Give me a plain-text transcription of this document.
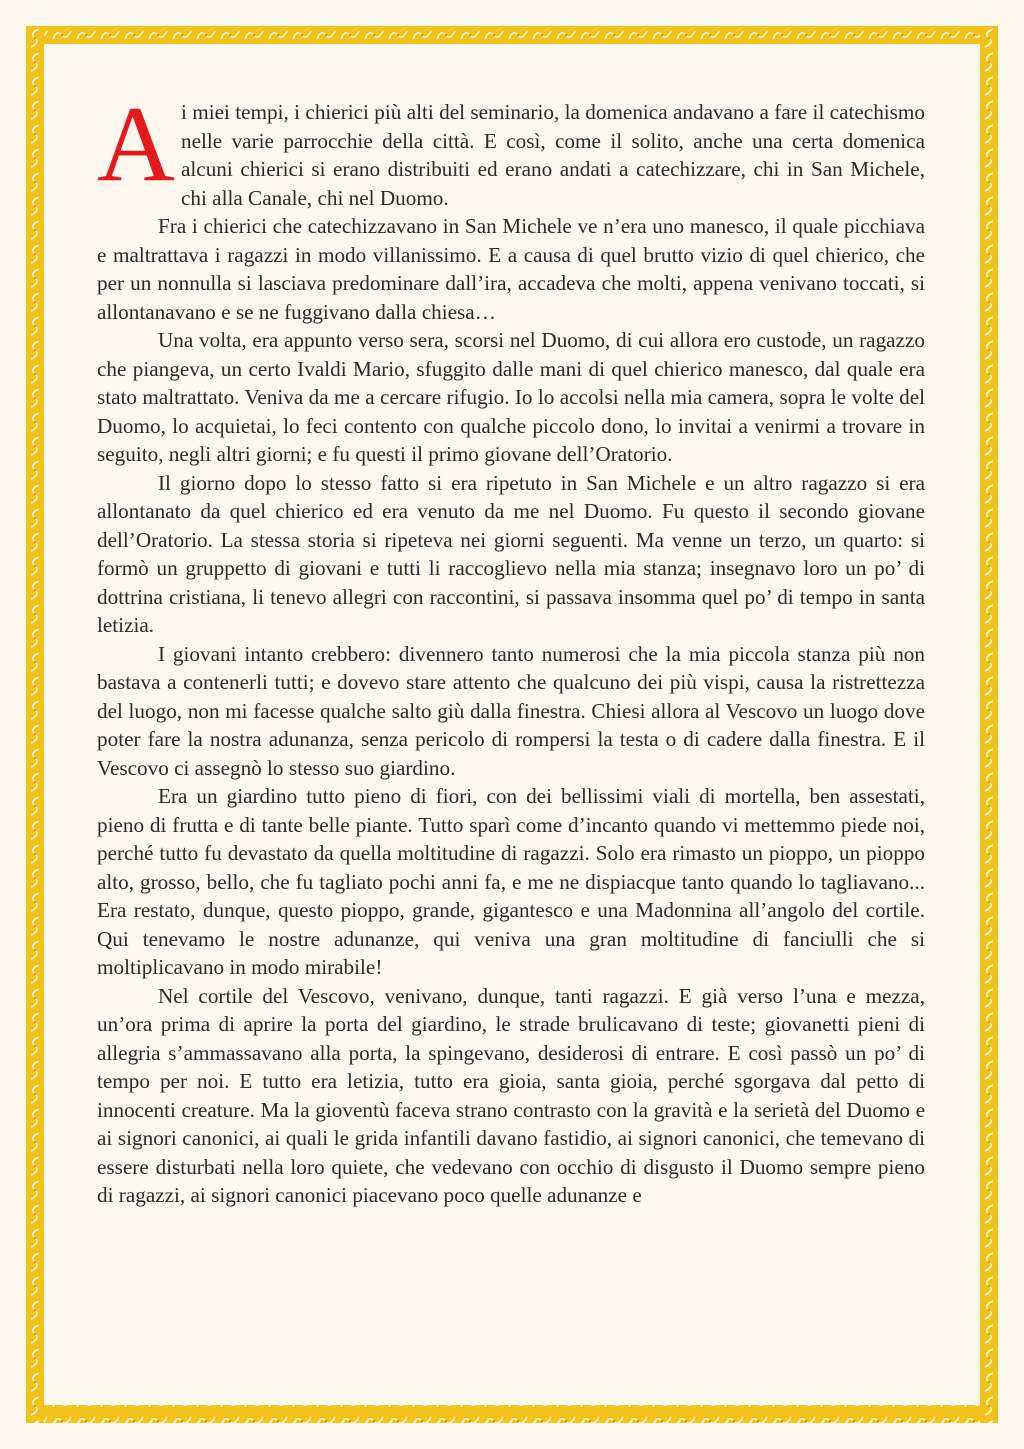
Ai miei tempi, i chierici più alti del seminario, la domenica andavano a fare il catechismo nelle varie parrocchie della città. E così, come il solito, anche una certa domenica alcuni chierici si erano distribuiti ed erano andati a catechizzare, chi in San Michele, chi alla Canale, chi nel Duomo.

Fra i chierici che catechizzavano in San Michele ve n’era uno manesco, il quale picchiava e maltrattava i ragazzi in modo villanissimo. E a causa di quel brutto vizio di quel chierico, che per un nonnulla si lasciava predominare dall’ira, accadeva che molti, appena venivano toccati, si allontanavano e se ne fuggivano dalla chiesa…

Una volta, era appunto verso sera, scorsi nel Duomo, di cui allora ero custode, un ragazzo che piangeva, un certo Ivaldi Mario, sfuggito dalle mani di quel chierico manesco, dal quale era stato maltrattato. Veniva da me a cercare rifugio. Io lo accolsi nella mia camera, sopra le volte del Duomo, lo acquietai, lo feci contento con qualche piccolo dono, lo invitai a venirmi a trovare in seguito, negli altri giorni; e fu questi il primo giovane dell’Oratorio.

Il giorno dopo lo stesso fatto si era ripetuto in San Michele e un altro ragazzo si era allontanato da quel chierico ed era venuto da me nel Duomo. Fu questo il secondo giovane dell’Oratorio. La stessa storia si ripeteva nei giorni seguenti. Ma venne un terzo, un quarto: si formò un gruppetto di giovani e tutti li raccoglievo nella mia stanza; insegnavo loro un po’ di dottrina cristiana, li tenevo allegri con raccontini, si passava insomma quel po’ di tempo in santa letizia.

I giovani intanto crebbero: divennero tanto numerosi che la mia piccola stanza più non bastava a contenerli tutti; e dovevo stare attento che qualcuno dei più vispi, causa la ristrettezza del luogo, non mi facesse qualche salto giù dalla finestra. Chiesi allora al Vescovo un luogo dove poter fare la nostra adunanza, senza pericolo di rompersi la testa o di cadere dalla finestra. E il Vescovo ci assegnò lo stesso suo giardino.

Era un giardino tutto pieno di fiori, con dei bellissimi viali di mortella, ben assestati, pieno di frutta e di tante belle piante. Tutto sparì come d’incanto quando vi mettemmo piede noi, perché tutto fu devastato da quella moltitudine di ragazzi. Solo era rimasto un pioppo, un pioppo alto, grosso, bello, che fu tagliato pochi anni fa, e me ne dispiacque tanto quando lo tagliavano... Era restato, dunque, questo pioppo, grande, gigantesco e una Madonnina all’angolo del cortile. Qui tenevamo le nostre adunanze, qui veniva una gran moltitudine di fanciulli che si moltiplicavano in modo mirabile!

Nel cortile del Vescovo, venivano, dunque, tanti ragazzi. E già verso l’una e mezza, un’ora prima di aprire la porta del giardino, le strade brulicavano di teste; giovanetti pieni di allegria s’ammassavano alla porta, la spingevano, desiderosi di entrare. E così passò un po’ di tempo per noi. E tutto era letizia, tutto era gioia, santa gioia, perché sgorgava dal petto di innocenti creature. Ma la gioventù faceva strano contrasto con la gravità e la serietà del Duomo e ai signori canonici, ai quali le grida infantili davano fastidio, ai signori canonici, che temevano di essere disturbati nella loro quiete, che vedevano con occhio di disgusto il Duomo sempre pieno di ragazzi, ai signori canonici piacevano poco quelle adunanze e
